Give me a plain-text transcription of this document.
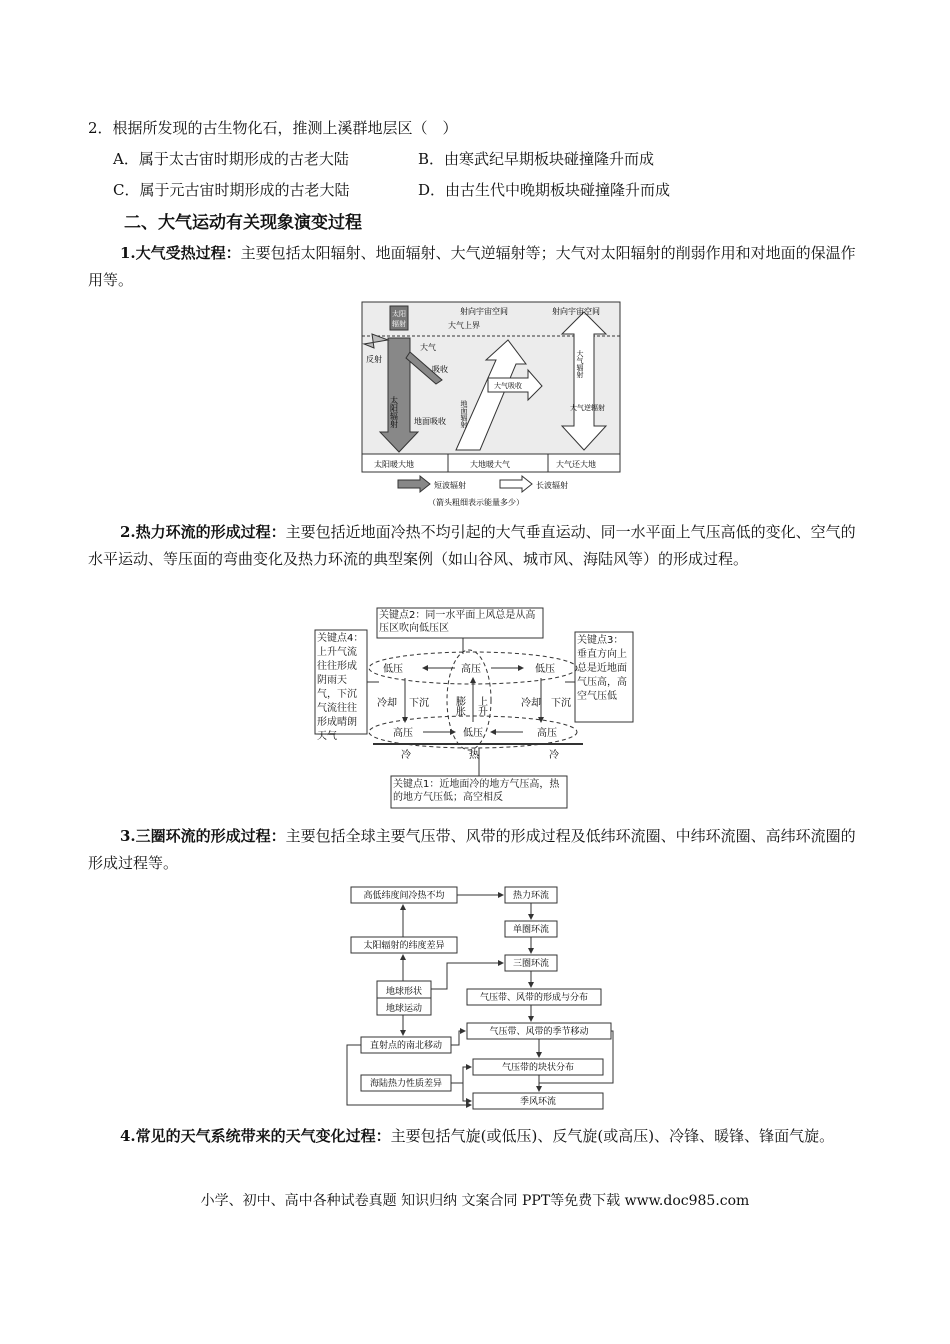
2．根据所发现的古生物化石，推测上溪群地层区（　）
A．属于太古宙时期形成的古老大陆	B．由寒武纪早期板块碰撞隆升而成
C．属于元古宙时期形成的古老大陆	D．由古生代中晚期板块碰撞隆升而成
二、大气运动有关现象演变过程
1.大气受热过程：主要包括太阳辐射、地面辐射、大气逆辐射等；大气对太阳辐射的削弱作用和对地面的保温作用等。
大气上界
射向宇宙空间	射向宇宙空间
太阳
辐射
反射
大气
吸收
太阳辐射 地面吸收
大气吸收
地面辐射
大气辐射
大气逆辐射
太阳暖大地	大地暖大气	大气还大地
短波辐射	长波辐射
（箭头粗细表示能量多少）
2.热力环流的形成过程：主要包括近地面冷热不均引起的大气垂直运动、同一水平面上气压高低的变化、空气的水平运动、等压面的弯曲变化及热力环流的典型案例（如山谷风、城市风、海陆风等）的形成过程。
关键点2：同一水平面上风总是从高压区吹向低压区
关键点4：上升气流往往形成阴雨天气，下沉气流往往形成晴朗天气
关键点3：垂直方向上总是近地面气压高，高空气压低
关键点1：近地面冷的地方气压高，热的地方气压低；高空相反
低压	高压	低压
冷却 下沉 膨胀 上升	冷却 下沉
高压	低压	高压
冷	热	冷
3.三圈环流的形成过程：主要包括全球主要气压带、风带的形成过程及低纬环流圈、中纬环流圈、高纬环流圈的形成过程等。
高低纬度间冷热不均	热力环流
单圈环流
太阳辐射的纬度差异
三圈环流
地球形状
地球运动
气压带、风带的形成与分布
气压带、风带的季节移动
直射点的南北移动
气压带的块状分布
海陆热力性质差异
季风环流
4.常见的天气系统带来的天气变化过程：主要包括气旋(或低压)、反气旋(或高压)、冷锋、暖锋、锋面气旋。
小学、初中、高中各种试卷真题 知识归纳 文案合同 PPT等免费下载 www.doc985.com
